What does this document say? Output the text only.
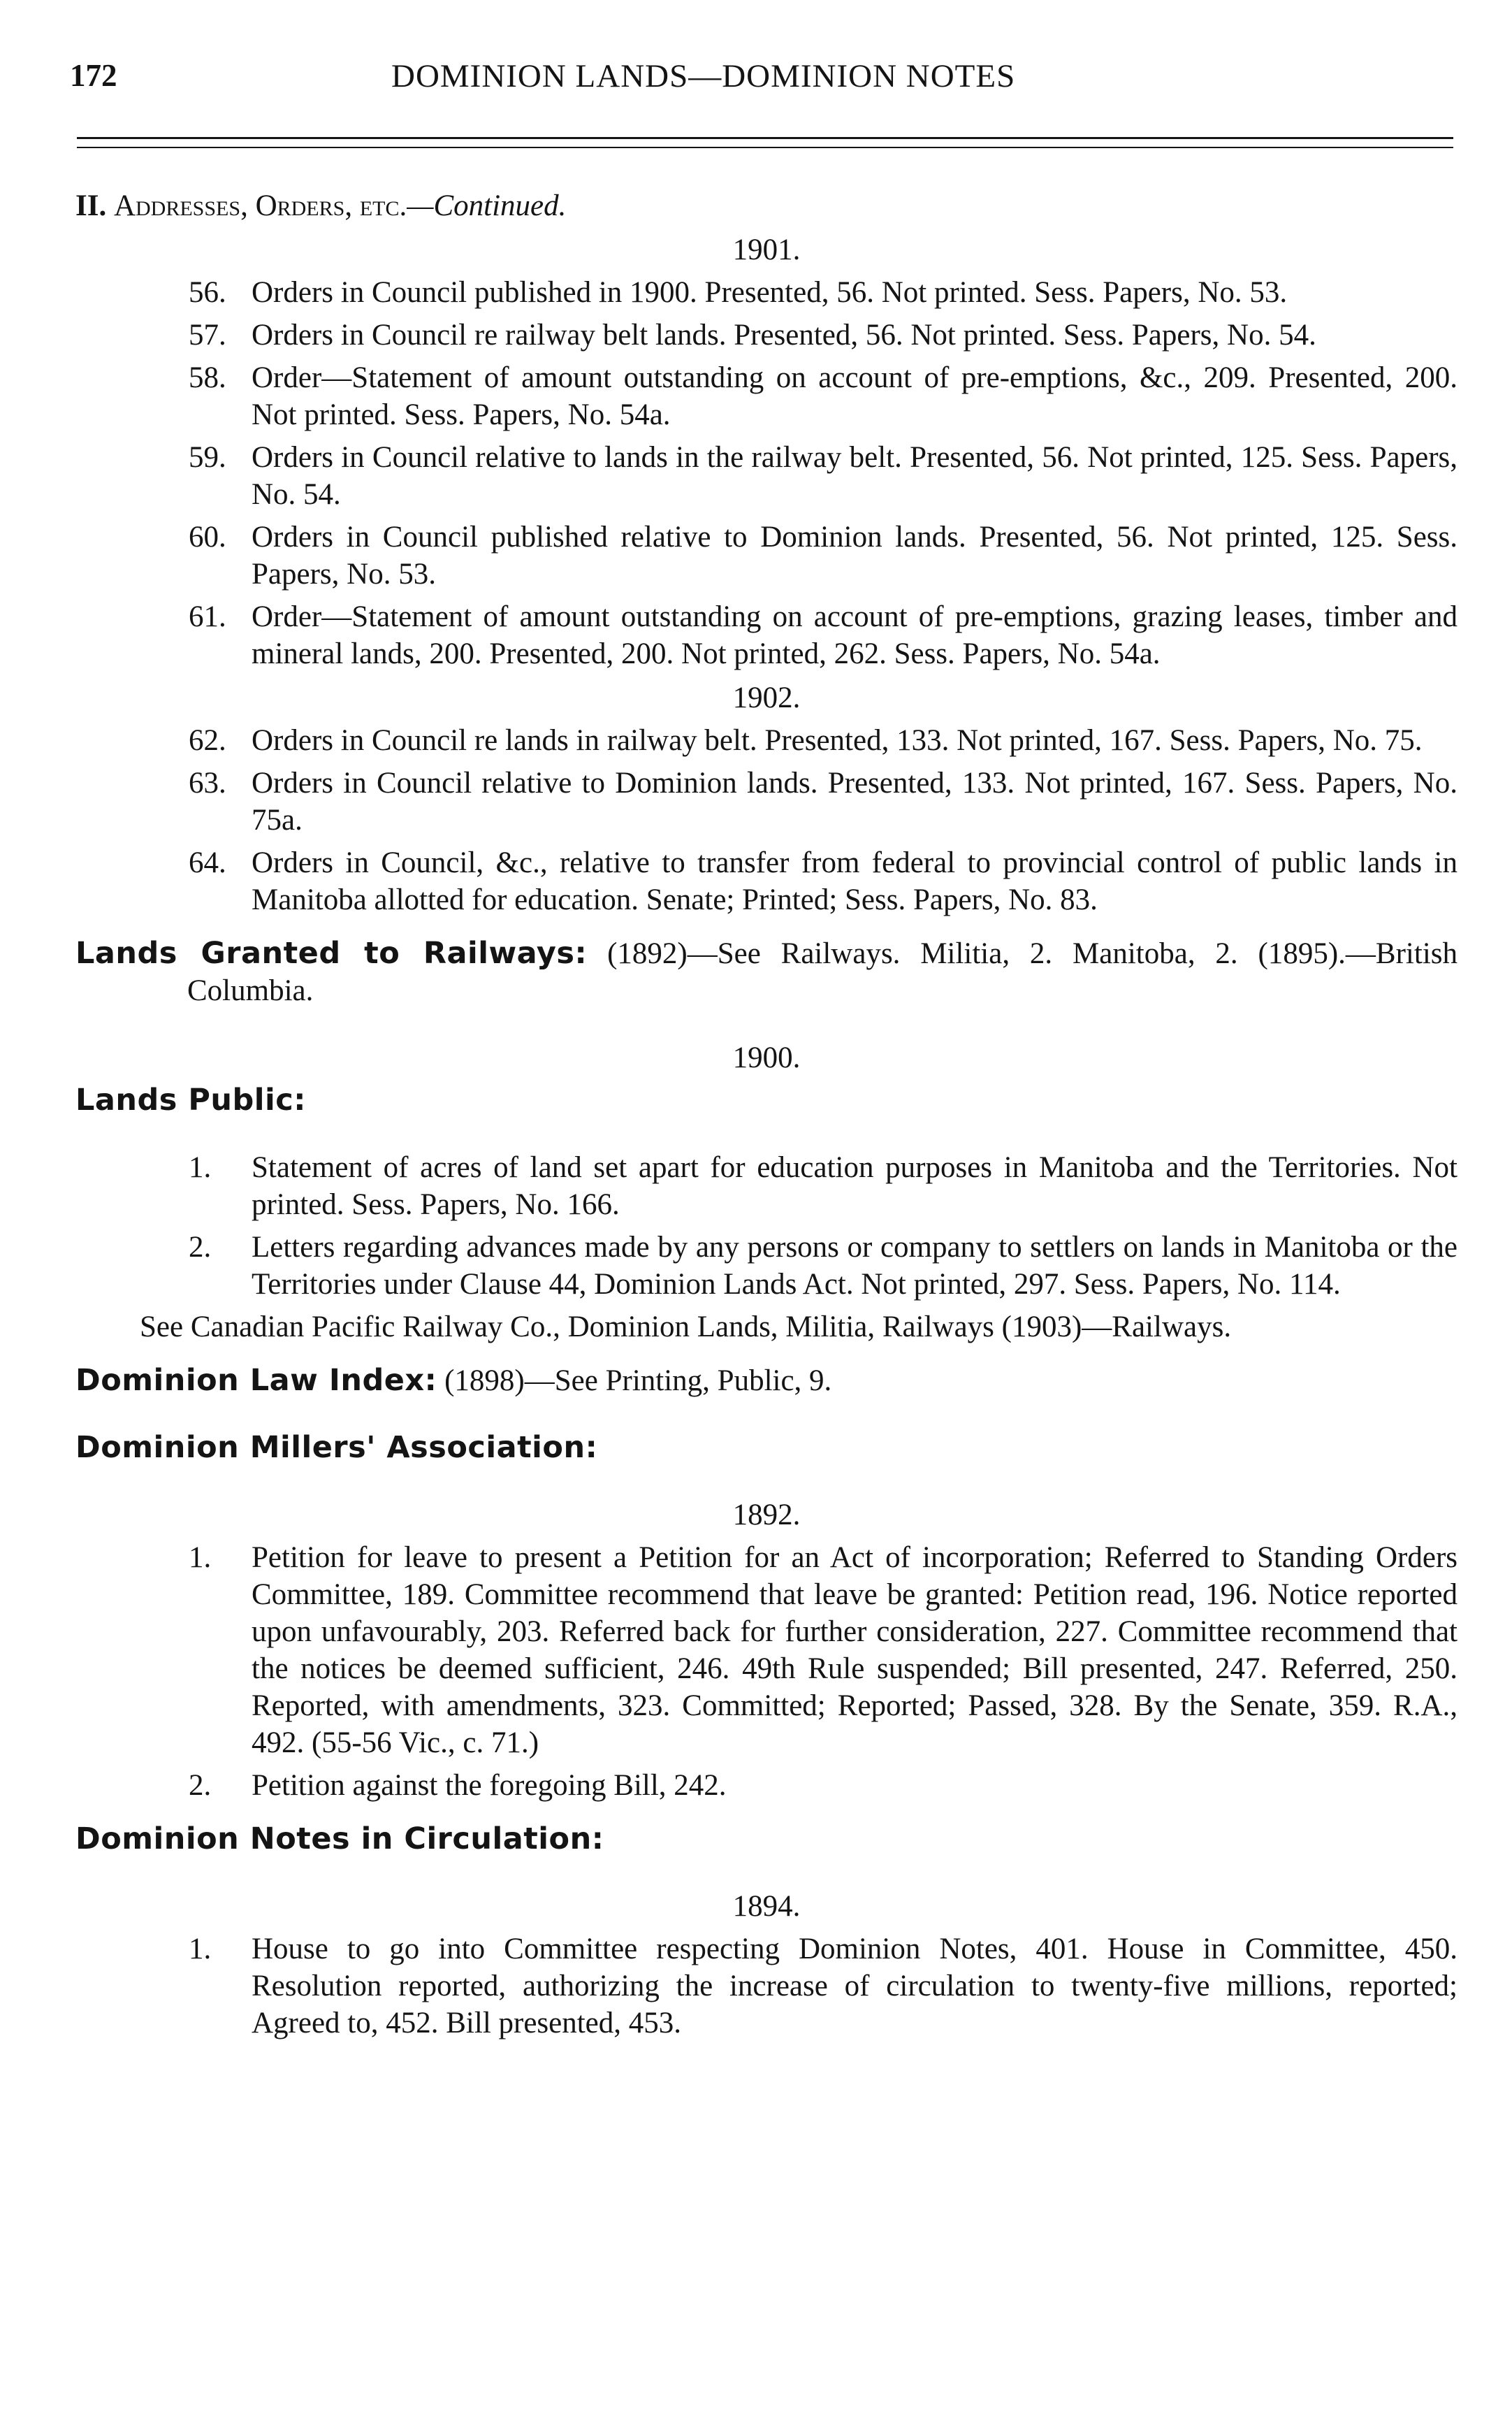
172	DOMINION LANDS—DOMINION NOTES
II. Addresses, Orders, etc.—Continued.
1901.

56. Orders in Council published in 1900. Presented, 56. Not printed. Sess. Papers, No. 53.

57. Orders in Council re railway belt lands. Presented, 56. Not printed. Sess. Papers, No. 54.

58. Order—Statement of amount outstanding on account of pre-emptions, &c., 209. Presented, 200. Not printed. Sess. Papers, No. 54a.

59. Orders in Council relative to lands in the railway belt. Presented, 56. Not printed, 125. Sess. Papers, No. 54.

60. Orders in Council published relative to Dominion lands. Presented, 56. Not printed, 125. Sess. Papers, No. 53.

61. Order—Statement of amount outstanding on account of pre-emptions, grazing leases, timber and mineral lands, 200. Presented, 200. Not printed, 262. Sess. Papers, No. 54a.

1902.

62. Orders in Council re lands in railway belt. Presented, 133. Not printed, 167. Sess. Papers, No. 75.

63. Orders in Council relative to Dominion lands. Presented, 133. Not printed, 167. Sess. Papers, No. 75a.

64. Orders in Council, &c., relative to transfer from federal to provincial control of public lands in Manitoba allotted for education. Senate; Printed; Sess. Papers, No. 83.

Lands Granted to Railways: (1892)—See Railways. Militia, 2. Manitoba, 2. (1895).—British Columbia.

1900.

Lands Public:

1. Statement of acres of land set apart for education purposes in Manitoba and the Territories. Not printed. Sess. Papers, No. 166.

2. Letters regarding advances made by any persons or company to settlers on lands in Manitoba or the Territories under Clause 44, Dominion Lands Act. Not printed, 297. Sess. Papers, No. 114.

See Canadian Pacific Railway Co., Dominion Lands, Militia, Railways (1903)—Railways.

Dominion Law Index: (1898)—See Printing, Public, 9.

Dominion Millers' Association:

1892.

1. Petition for leave to present a Petition for an Act of incorporation; Referred to Standing Orders Committee, 189. Committee recommend that leave be granted: Petition read, 196. Notice reported upon unfavourably, 203. Referred back for further consideration, 227. Committee recommend that the notices be deemed sufficient, 246. 49th Rule suspended; Bill presented, 247. Referred, 250. Reported, with amendments, 323. Committed; Reported; Passed, 328. By the Senate, 359. R.A., 492. (55-56 Vic., c. 71.)

2. Petition against the foregoing Bill, 242.

Dominion Notes in Circulation:

1894.

1. House to go into Committee respecting Dominion Notes, 401. House in Committee, 450. Resolution reported, authorizing the increase of circulation to twenty-five millions, reported; Agreed to, 452. Bill presented, 453.
